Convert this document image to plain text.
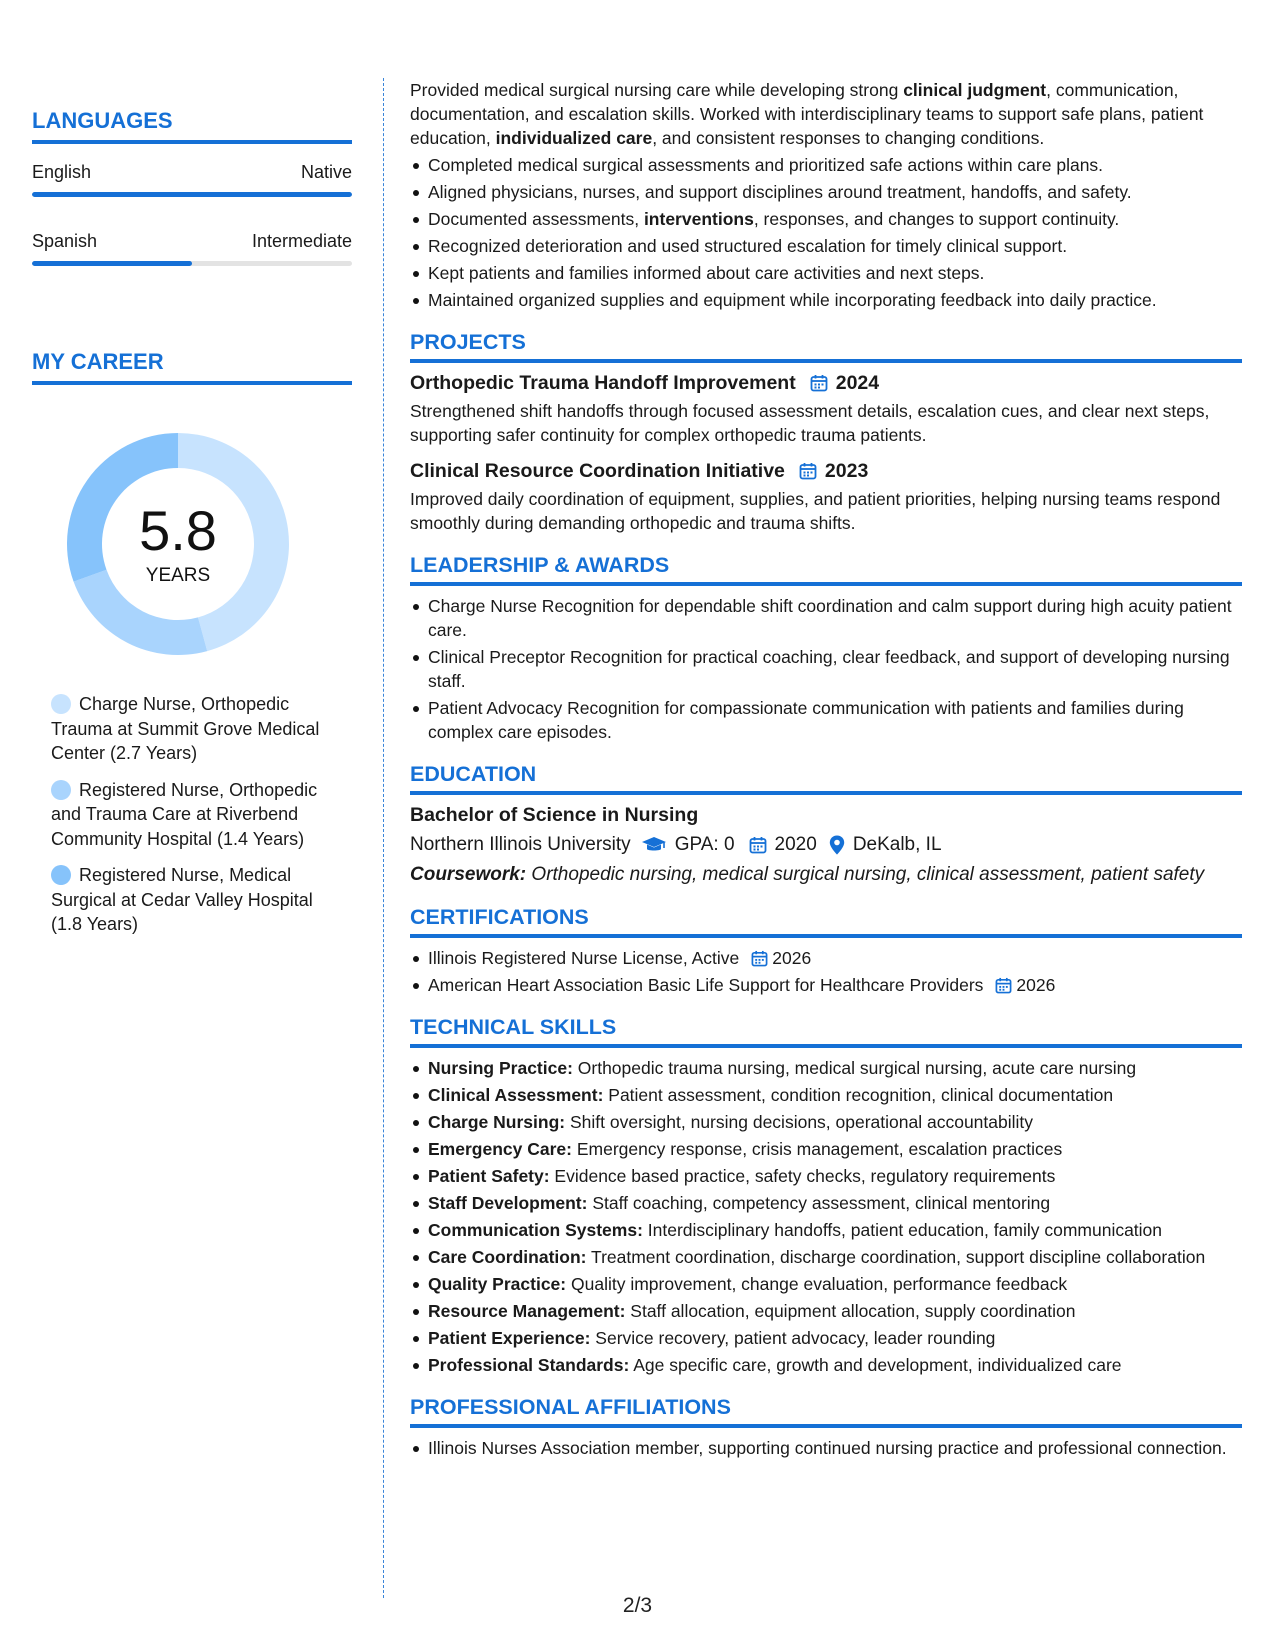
LANGUAGES
English	Native
Spanish	Intermediate
MY CAREER
5.8
YEARS
Charge Nurse, Orthopedic Trauma at Summit Grove Medical Center (2.7 Years)
Registered Nurse, Orthopedic and Trauma Care at Riverbend Community Hospital (1.4 Years)
Registered Nurse, Medical Surgical at Cedar Valley Hospital (1.8 Years)

Provided medical surgical nursing care while developing strong clinical judgment, communication, documentation, and escalation skills. Worked with interdisciplinary teams to support safe plans, patient education, individualized care, and consistent responses to changing conditions.

Completed medical surgical assessments and prioritized safe actions within care plans.
Aligned physicians, nurses, and support disciplines around treatment, handoffs, and safety.
Documented assessments, interventions, responses, and changes to support continuity.
Recognized deterioration and used structured escalation for timely clinical support.
Kept patients and families informed about care activities and next steps.
Maintained organized supplies and equipment while incorporating feedback into daily practice.
PROJECTS
Orthopedic Trauma Handoff Improvement 2024

Strengthened shift handoffs through focused assessment details, escalation cues, and clear next steps, supporting safer continuity for complex orthopedic trauma patients.

Clinical Resource Coordination Initiative 2023

Improved daily coordination of equipment, supplies, and patient priorities, helping nursing teams respond smoothly during demanding orthopedic and trauma shifts.

LEADERSHIP & AWARDS
Charge Nurse Recognition for dependable shift coordination and calm support during high acuity patient care.
Clinical Preceptor Recognition for practical coaching, clear feedback, and support of developing nursing staff.
Patient Advocacy Recognition for compassionate communication with patients and families during complex care episodes.
EDUCATION
Bachelor of Science in Nursing
Northern Illinois University GPA: 0 2020 DeKalb, IL
Coursework: Orthopedic nursing, medical surgical nursing, clinical assessment, patient safety
CERTIFICATIONS
Illinois Registered Nurse License, Active 2026
American Heart Association Basic Life Support for Healthcare Providers 2026
TECHNICAL SKILLS
Nursing Practice: Orthopedic trauma nursing, medical surgical nursing, acute care nursing
Clinical Assessment: Patient assessment, condition recognition, clinical documentation
Charge Nursing: Shift oversight, nursing decisions, operational accountability
Emergency Care: Emergency response, crisis management, escalation practices
Patient Safety: Evidence based practice, safety checks, regulatory requirements
Staff Development: Staff coaching, competency assessment, clinical mentoring
Communication Systems: Interdisciplinary handoffs, patient education, family communication
Care Coordination: Treatment coordination, discharge coordination, support discipline collaboration
Quality Practice: Quality improvement, change evaluation, performance feedback
Resource Management: Staff allocation, equipment allocation, supply coordination
Patient Experience: Service recovery, patient advocacy, leader rounding
Professional Standards: Age specific care, growth and development, individualized care
PROFESSIONAL AFFILIATIONS
Illinois Nurses Association member, supporting continued nursing practice and professional connection.
2/3
